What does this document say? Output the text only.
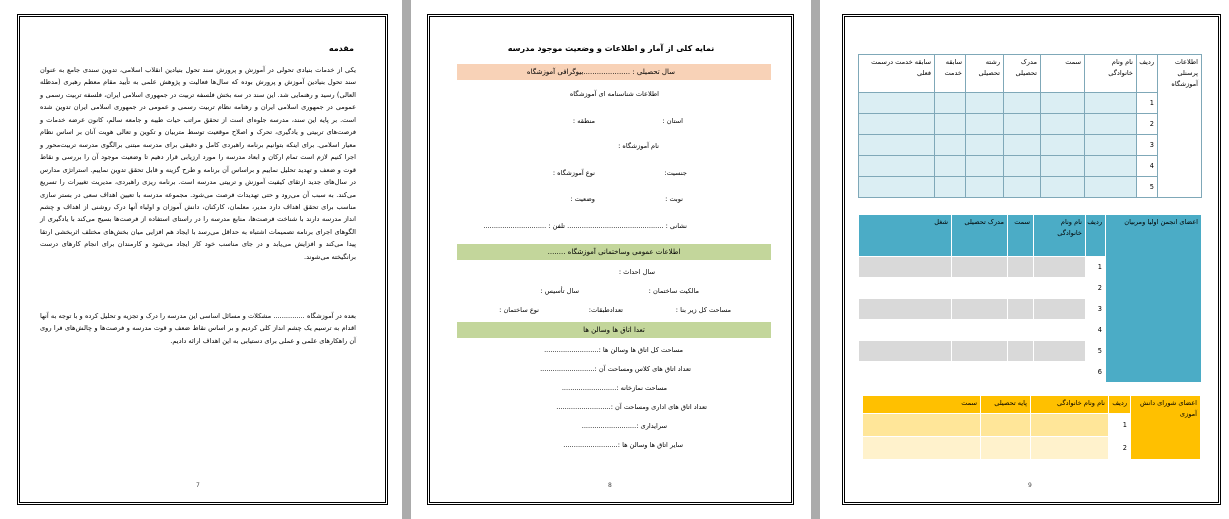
مقدمه
یکی از خدمات بنیادی تحولی در آموزش و پرورش سند تحول بنیادین انقلاب اسلامی، تدوین سندی جامع به عنوان سند تحول بنیادین آموزش و پرورش بوده که سال‌ها فعالیت و پژوهش علمی به تأیید مقام معظم رهبری (مدظله العالی) رسید و رهنمایی شد. این سند در سه بخش فلسفه تربیت در جمهوری اسلامی ایران، فلسفه تربیت رسمی و عمومی در جمهوری اسلامی ایران و رهنامه نظام تربیت رسمی و عمومی در جمهوری اسلامی ایران تدوین شده است. بر پایه این سند، مدرسه جلوه‌ای است از تحقق مراتب حیات طیبه و جامعه سالم، کانون عرضه خدمات و فرصت‌های تربیتی و یادگیری، تحرک و اصلاح موقعیت توسط متربیان و تکوین و تعالی هویت آنان بر اساس نظام معیار اسلامی. برای اینکه بتوانیم برنامه راهبردی کامل و دقیقی برای مدرسه مبتنی برالگوی مدرسه تربیت‌محور و اجرا کنیم لازم است تمام ارکان و ابعاد مدرسه را مورد ارزیابی قرار دهیم تا وضعیت موجود آن را بررسی و نقاط قوت و ضعف و تهدید تحلیل نماییم و براساس آن برنامه و طرح گزینه و قابل تحقق تدوین نماییم. استراتژی مدارس در سال‌های جدید ارتقای کیفیت آموزش و تربیتی مدرسه است. برنامه ریزی راهبردی، مدیریت تغییرات را تسریع می‌کند. به سبب آن می‌رود و حتی تهدیدات فرصت می‌شود. مجموعه مدرسه با تعیین اهداف سعی در بستر سازی مناسب برای تحقق اهداف دارد مدیر، معلمان، کارکنان، دانش آموزان و اولیاء آنها درک روشنی از اهداف و چشم انداز مدرسه دارند با شناخت فرصت‌ها، منابع مدرسه را در راستای استفاده از فرصت‌ها بسیج می‌کند با یادگیری از الگوهای اجرای برنامه تصمیمات اشتباه به حداقل می‌رسد با ایجاد هم افزایی میان بخش‌های مختلف اثربخشی ارتقا پیدا می‌کند و افزایش می‌یابد و در جای مناسب خود کار ایجاد می‌شود و کارمندان برای انجام کارهای درست برانگیخته می‌شوند.
بعده در آموزشگاه ............... مشکلات و مسائل اساسی این مدرسه را درک و تجزیه و تحلیل کرده و با توجه به آنها اقدام به ترسیم یک چشم انداز کلی کردیم و بر اساس نقاط ضعف و قوت مدرسه و فرصت‌ها و چالش‌های فرا روی آن راهکارهای علمی و عملی برای دستیابی به این اهداف ارائه دادیم.
7
نمایه کلی از آمار و اطلاعات و وضعیت موجود مدرسه
سال تحصیلی : .....................بیوگرافی آموزشگاه
اطلاعات شناسنامه ای آموزشگاه
استان :
منطقه :
نام آموزشگاه :
جنسیت:
نوع آموزشگاه :
نوبت :
وضعیت :
نشانی : .............................................. تلفن : ..............................
اطلاعات عمومی وساختمانی آموزشگاه ........
سال احداث :
مالکیت ساختمان :
سال تأسیس :
مساحت کل زیر بنا :
تعدادطبقات:
نوع ساختمان :
تعدا اتاق ها وسالن ها
مساحت کل اتاق ها وسالن ها :..........................
تعداد اتاق های کلاس ومساحت آن :..........................
مساحت نمازخانه :..........................
تعداد اتاق های اداری ومساحت آن :..........................
سرایداری :..........................
سایر اتاق ها وسالن ها :..........................
8
اطلاعات پرسنلی آموزشگاه	ردیف	نام ونام خانوادگی	سمت	مدرک تحصیلی	رشته تحصیلی	سابقه خدمت	سابقه خدمت درسمت فعلی
	1						
	2						
	3						
	4						
	5						
اعضای انجمن اولیا ومربیان	ردیف	نام ونام خانوادگی	سمت	مدرک تحصیلی	شغل
	1				
	2				
	3				
	4				
	5				
	6				
اعضای شورای دانش آموزی	ردیف	نام ونام خانوادگی	پایه تحصیلی	سمت
	1			
	2			
9
